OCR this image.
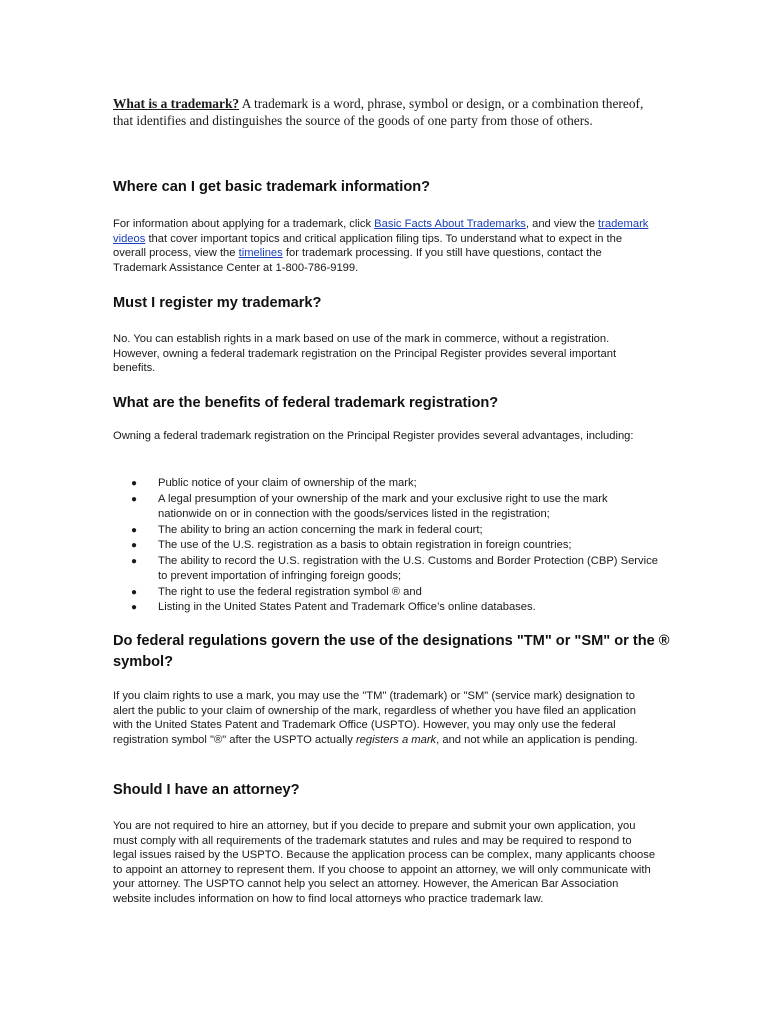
What is a trademark? A trademark is a word, phrase, symbol or design, or a combination thereof, that identifies and distinguishes the source of the goods of one party from those of others.
Where can I get basic trademark information?

For information about applying for a trademark, click Basic Facts About Trademarks, and view the trademark videos that cover important topics and critical application filing tips. To understand what to expect in the overall process, view the timelines for trademark processing. If you still have questions, contact the Trademark Assistance Center at 1-800-786-9199.

Must I register my trademark?

No. You can establish rights in a mark based on use of the mark in commerce, without a registration. However, owning a federal trademark registration on the Principal Register provides several important benefits.

What are the benefits of federal trademark registration?

Owning a federal trademark registration on the Principal Register provides several advantages, including:

● Public notice of your claim of ownership of the mark;
● A legal presumption of your ownership of the mark and your exclusive right to use the mark nationwide on or in connection with the goods/services listed in the registration;
● The ability to bring an action concerning the mark in federal court;
● The use of the U.S. registration as a basis to obtain registration in foreign countries;
● The ability to record the U.S. registration with the U.S. Customs and Border Protection (CBP) Service to prevent importation of infringing foreign goods;
● The right to use the federal registration symbol ® and
● Listing in the United States Patent and Trademark Office’s online databases.
Do federal regulations govern the use of the designations "TM" or "SM" or the ® symbol?

If you claim rights to use a mark, you may use the "TM" (trademark) or "SM" (service mark) designation to alert the public to your claim of ownership of the mark, regardless of whether you have filed an application with the United States Patent and Trademark Office (USPTO). However, you may only use the federal registration symbol "®" after the USPTO actually registers a mark, and not while an application is pending.

Should I have an attorney?

You are not required to hire an attorney, but if you decide to prepare and submit your own application, you must comply with all requirements of the trademark statutes and rules and may be required to respond to legal issues raised by the USPTO. Because the application process can be complex, many applicants choose to appoint an attorney to represent them. If you choose to appoint an attorney, we will only communicate with your attorney. The USPTO cannot help you select an attorney. However, the American Bar Association website includes information on how to find local attorneys who practice trademark law.
